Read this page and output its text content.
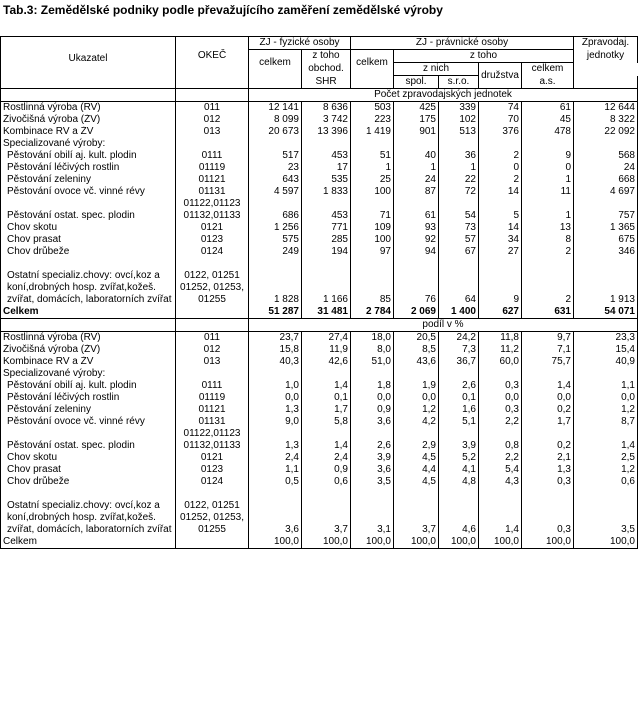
Tab.3: Zemědělské podniky podle převažujícího zaměření zemědělské výroby
Ukazatel	OKEČ	ZJ - fyzické osoby		ZJ - právnické osoby					Zpravodaj.
		celkem	z toho	celkem	z toho				jednotky
			obchod.		z nich		družstva	celkem	
			SHR		spol.	s.r.o.		a.s.	
		Počet zpravodajských jednotek							
Rostlinná výroba (RV)	011	12 141	8 636	503	425	339	74	61	12 644
Živočišná výroba (ŽV)	012	8 099	3 742	223	175	102	70	45	8 322
Kombinace RV a ŽV	013	20 673	13 396	1 419	901	513	376	478	22 092
Specializované výroby:									
Pěstování obilí aj. kult. plodin	0111	517	453	51	40	36	2	9	568
Pěstování léčivých rostlin	01119	23	17	1	1	1	0	0	24
Pěstování zeleniny	01121	643	535	25	24	22	2	1	668
Pěstování ovoce vč. vinné révy	01131	4 597	1 833	100	87	72	14	11	4 697
Pěstování ostat. spec. plodin	01122,01123 01132,01133	686	453	71	61	54	5	1	757
Chov skotu	0121	1 256	771	109	93	73	14	13	1 365
Chov prasat	0123	575	285	100	92	57	34	8	675
Chov drůbeže	0124	249	194	97	94	67	27	2	346
Ostatní specializ.chovy: ovcí,koz a koní,drobných hosp. zvířat,kožeš. zvířat, domácích, laboratorních zvířat	0122, 01251 01252, 01253, 01255	1 828	1 166	85	76	64	9	2	1 913
Celkem		51 287	31 481	2 784	2 069	1 400	627	631	54 071
		podíl v %							
Rostlinná výroba (RV)	011	23,7	27,4	18,0	20,5	24,2	11,8	9,7	23,3
Živočišná výroba (ŽV)	012	15,8	11,9	8,0	8,5	7,3	11,2	7,1	15,4
Kombinace RV a ŽV	013	40,3	42,6	51,0	43,6	36,7	60,0	75,7	40,9
Specializované výroby:									
Pěstování obilí aj. kult. plodin	0111	1,0	1,4	1,8	1,9	2,6	0,3	1,4	1,1
Pěstování léčivých rostlin	01119	0,0	0,1	0,0	0,0	0,1	0,0	0,0	0,0
Pěstování zeleniny	01121	1,3	1,7	0,9	1,2	1,6	0,3	0,2	1,2
Pěstování ovoce vč. vinné révy	01131	9,0	5,8	3,6	4,2	5,1	2,2	1,7	8,7
Pěstování ostat. spec. plodin	01122,01123 01132,01133	1,3	1,4	2,6	2,9	3,9	0,8	0,2	1,4
Chov skotu	0121	2,4	2,4	3,9	4,5	5,2	2,2	2,1	2,5
Chov prasat	0123	1,1	0,9	3,6	4,4	4,1	5,4	1,3	1,2
Chov drůbeže	0124	0,5	0,6	3,5	4,5	4,8	4,3	0,3	0,6
Ostatní specializ.chovy: ovcí,koz a koní,drobných hosp. zvířat,kožeš. zvířat, domácích, laboratorních zvířat	0122, 01251 01252, 01253, 01255	3,6	3,7	3,1	3,7	4,6	1,4	0,3	3,5
Celkem		100,0	100,0	100,0	100,0	100,0	100,0	100,0	100,0
